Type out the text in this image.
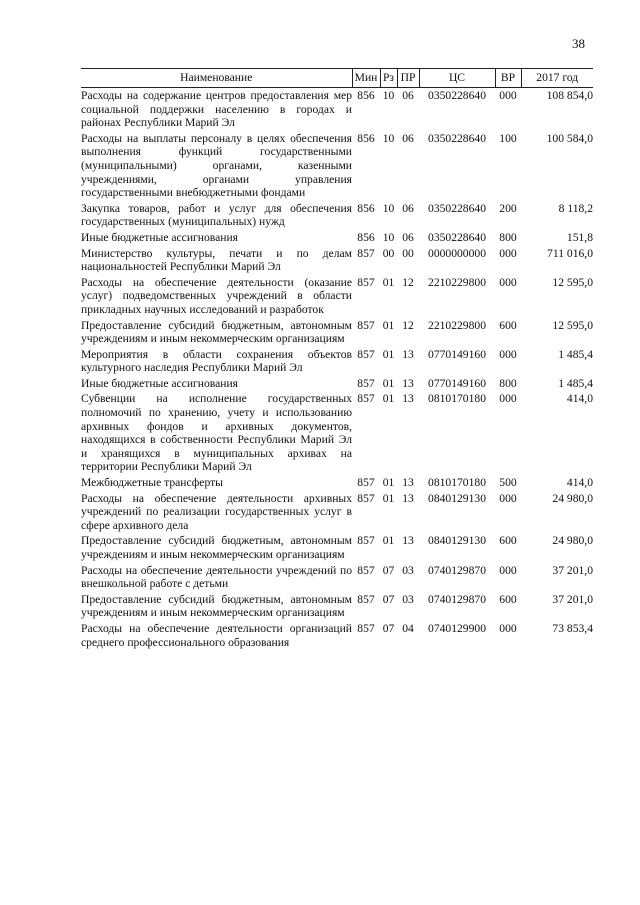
38
Наименование	Мин	Рз	ПР	ЦС	ВР	2017 год
Расходы на содержание центров предоставления мер социальной поддержки населению в городах и районах Республики Марий Эл	856	10	06	0350228640	000	108 854,0
Расходы на выплаты персоналу в целях обеспечения выполнения функций государственными (муниципальными) органами, казенными учреждениями, органами управления государственными внебюджетными фондами	856	10	06	0350228640	100	100 584,0
Закупка товаров, работ и услуг для обеспечения государственных (муниципальных) нужд	856	10	06	0350228640	200	8 118,2
Иные бюджетные ассигнования	856	10	06	0350228640	800	151,8
Министерство культуры, печати и по делам национальностей Республики Марий Эл	857	00	00	0000000000	000	711 016,0
Расходы на обеспечение деятельности (оказание услуг) подведомственных учреждений в области прикладных научных исследований и разработок	857	01	12	2210229800	000	12 595,0
Предоставление субсидий бюджетным, автономным учреждениям и иным некоммерческим организациям	857	01	12	2210229800	600	12 595,0
Мероприятия в области сохранения объектов культурного наследия Республики Марий Эл	857	01	13	0770149160	000	1 485,4
Иные бюджетные ассигнования	857	01	13	0770149160	800	1 485,4
Субвенции на исполнение государственных полномочий по хранению, учету и использованию архивных фондов и архивных документов, находящихся в собственности Республики Марий Эл и хранящихся в муниципальных архивах на территории Республики Марий Эл	857	01	13	0810170180	000	414,0
Межбюджетные трансферты	857	01	13	0810170180	500	414,0
Расходы на обеспечение деятельности архивных учреждений по реализации государственных услуг в сфере архивного дела	857	01	13	0840129130	000	24 980,0
Предоставление субсидий бюджетным, автономным учреждениям и иным некоммерческим организациям	857	01	13	0840129130	600	24 980,0
Расходы на обеспечение деятельности учреждений по внешкольной работе с детьми	857	07	03	0740129870	000	37 201,0
Предоставление субсидий бюджетным, автономным учреждениям и иным некоммерческим организациям	857	07	03	0740129870	600	37 201,0
Расходы на обеспечение деятельности организаций среднего профессионального образования	857	07	04	0740129900	000	73 853,4
